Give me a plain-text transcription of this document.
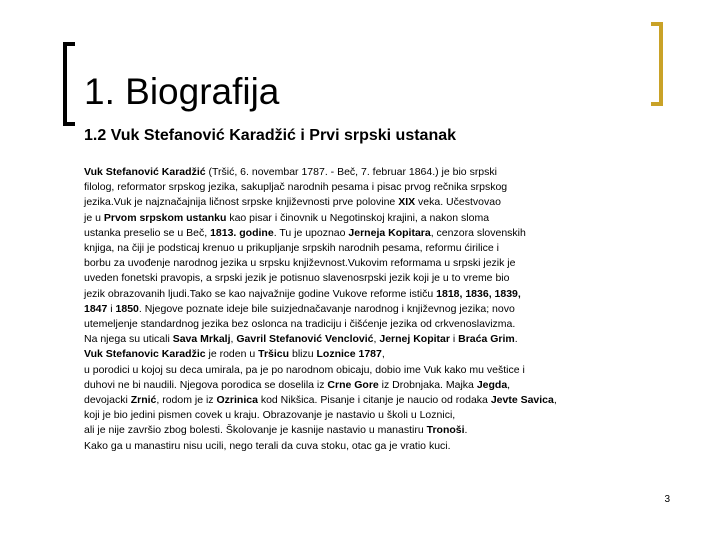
1. Biografija
1.2 Vuk Stefanović Karadžić i Prvi srpski ustanak
Vuk Stefanović Karadžić (Tršić, 6. novembar 1787. - Beč, 7. februar 1864.) je bio srpski
filolog, reformator srpskog jezika, sakupljač narodnih pesama i pisac prvog rečnika srpskog
jezika.Vuk je najznačajnija ličnost srpske književnosti prve polovine XIX veka. Učestvovao
je u Prvom srpskom ustanku kao pisar i činovnik u Negotinskoj krajini, a nakon sloma
ustanka preselio se u Beč, 1813. godine. Tu je upoznao Jerneja Kopitara, cenzora slovenskih
knjiga, na čiji je podsticaj krenuo u prikupljanje srpskih narodnih pesama, reformu ćirilice i
borbu za uvođenje narodnog jezika u srpsku književnost.Vukovim reformama u srpski jezik je
uveden fonetski pravopis, a srpski jezik je potisnuo slavenosrpski jezik koji je u to vreme bio
jezik obrazovanih ljudi.Tako se kao najvažnije godine Vukove reforme ističu 1818, 1836, 1839,
1847 i 1850. Njegove poznate ideje bile suizjednačavanje narodnog i književnog jezika; novo
utemeljenje standardnog jezika bez oslonca na tradiciju i čišćenje jezika od crkvenoslavizma.
Na njega su uticali Sava Mrkalj, Gavril Stefanović Venclović, Jernej Kopitar i Braća Grim.
Vuk Stefanovic Karadžic je roden u Tršicu blizu Loznice 1787,
u porodici u kojoj su deca umirala, pa je po narodnom obicaju, dobio ime Vuk kako mu veštice i
duhovi ne bi naudili. Njegova porodica se doselila iz Crne Gore iz Drobnjaka. Majka Jegda,
devojacki Zrnić, rodom je iz Ozrinica kod Nikšica. Pisanje i citanje je naucio od rodaka Jevte Savica,
koji je bio jedini pismen covek u kraju. Obrazovanje je nastavio u školi u Loznici,
ali je nije završio zbog bolesti. Školovanje je kasnije nastavio u manastiru Tronoši.
Kako ga u manastiru nisu ucili, nego terali da cuva stoku, otac ga je vratio kuci.
3
